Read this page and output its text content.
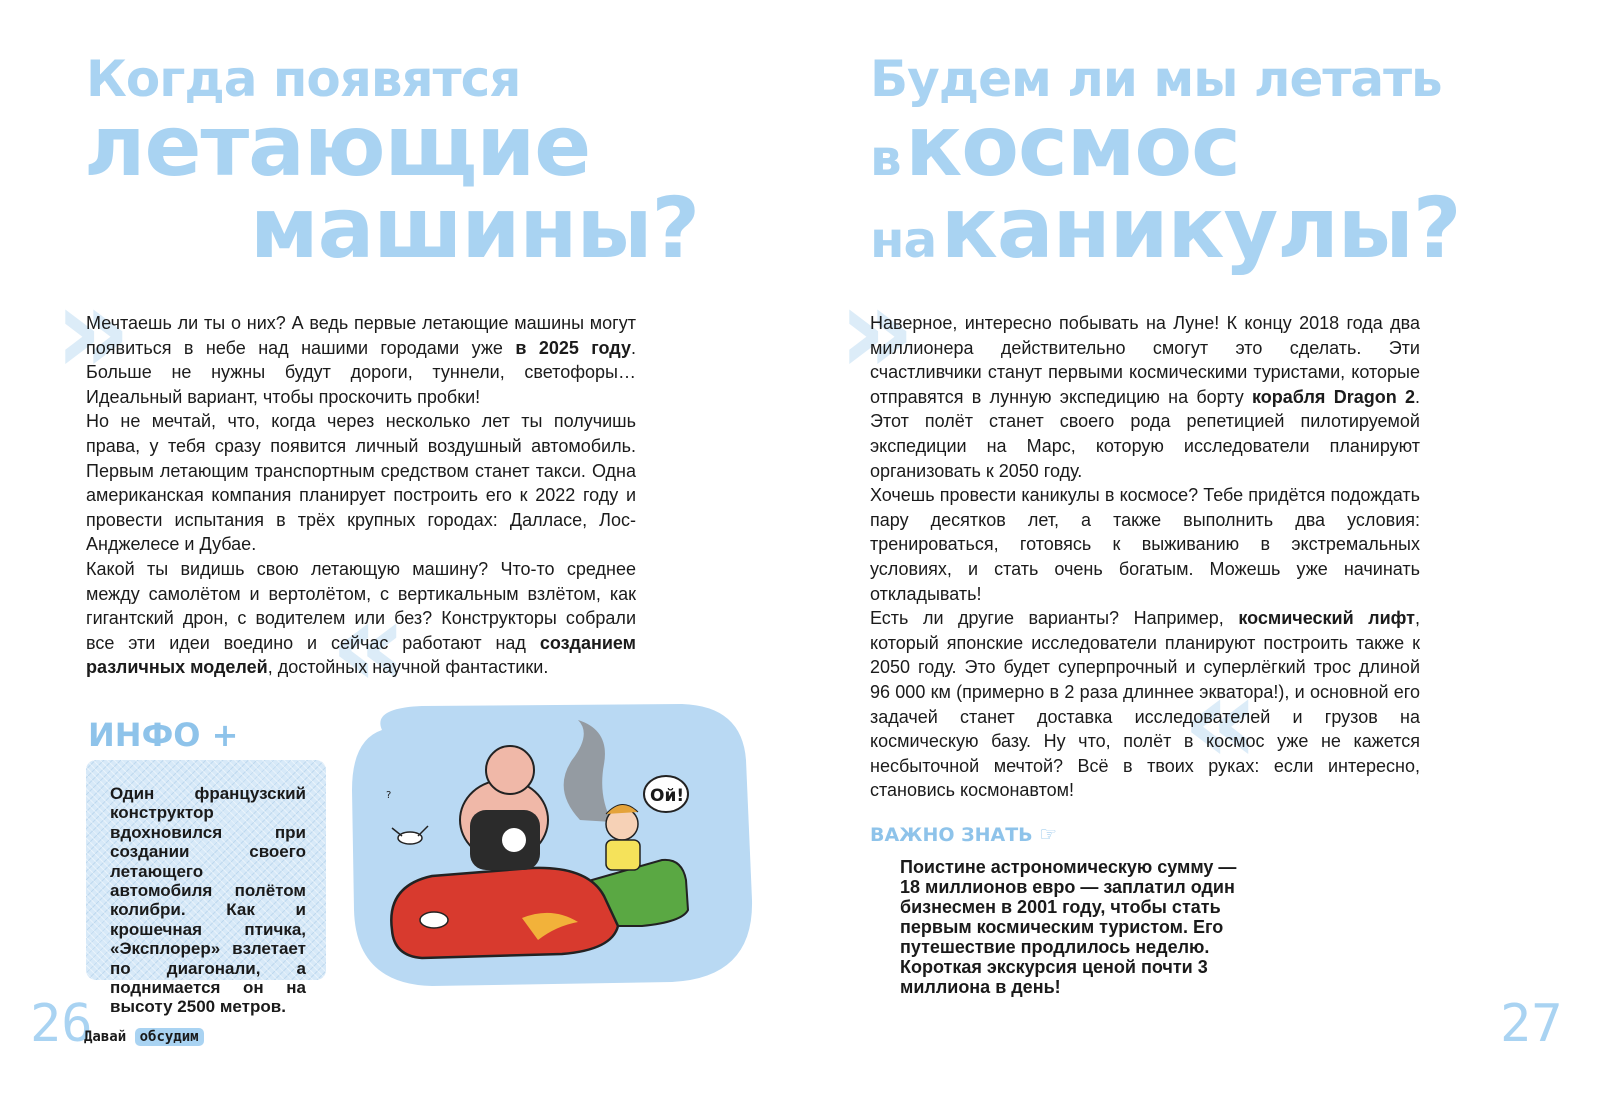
Когда появятся
летающие
машины?
»
«

Мечтаешь ли ты о них? А ведь первые летающие машины могут появиться в небе над нашими городами уже в 2025 году. Больше не нужны будут дороги, туннели, светофоры… Идеальный вариант, чтобы проскочить пробки!

Но не мечтай, что, когда через несколько лет ты получишь права, у тебя сразу появится личный воздушный автомобиль. Первым летающим транспортным средством станет такси. Одна американская компания планирует построить его к 2022 году и провести испытания в трёх крупных городах: Далласе, Лос-Анджелесе и Дубае.

Какой ты видишь свою летающую машину? Что-то среднее между самолётом и вертолётом, с вертикальным взлётом, как гигантский дрон, с водителем или без? Конструкторы собрали все эти идеи воедино и сейчас работают над созданием различных моделей, достойных научной фантастики.

ИНФО +
Один французский конструктор вдохновился при создании своего летающего автомобиля полётом колибри. Как и крошечная птичка, «Эксплорер» взлетает по диагонали, а поднимается он на высоту 2500 метров.
?	Ой!
26
Давай обсудим
Будем ли мы летать
в космос
на каникулы?
»
«

Наверное, интересно побывать на Луне! К концу 2018 года два миллионера действительно смогут это сделать. Эти счастливчики станут первыми космическими туристами, которые отправятся в лунную экспедицию на борту корабля Dragon 2. Этот полёт станет своего рода репетицией пилотируемой экспедиции на Марс, которую исследователи планируют организовать к 2050 году.

Хочешь провести каникулы в космосе? Тебе придётся подождать пару десятков лет, а также выполнить два условия: тренироваться, готовясь к выживанию в экстремальных условиях, и стать очень богатым. Можешь уже начинать откладывать!

Есть ли другие варианты? Например, космический лифт, который японские исследователи планируют построить также к 2050 году. Это будет суперпрочный и суперлёгкий трос длиной 96 000 км (примерно в 2 раза длиннее экватора!), и основной его задачей станет доставка исследователей и грузов на космическую базу. Ну что, полёт в космос уже не кажется несбыточной мечтой? Всё в твоих руках: если интересно, становись космонавтом!

ВАЖНО ЗНАТЬ ☞
Поистине астрономическую сумму — 18 миллионов евро — заплатил один бизнесмен в 2001 году, чтобы стать первым космическим туристом. Его путешествие продлилось неделю. Короткая экскурсия ценой почти 3 миллиона в день!
27
